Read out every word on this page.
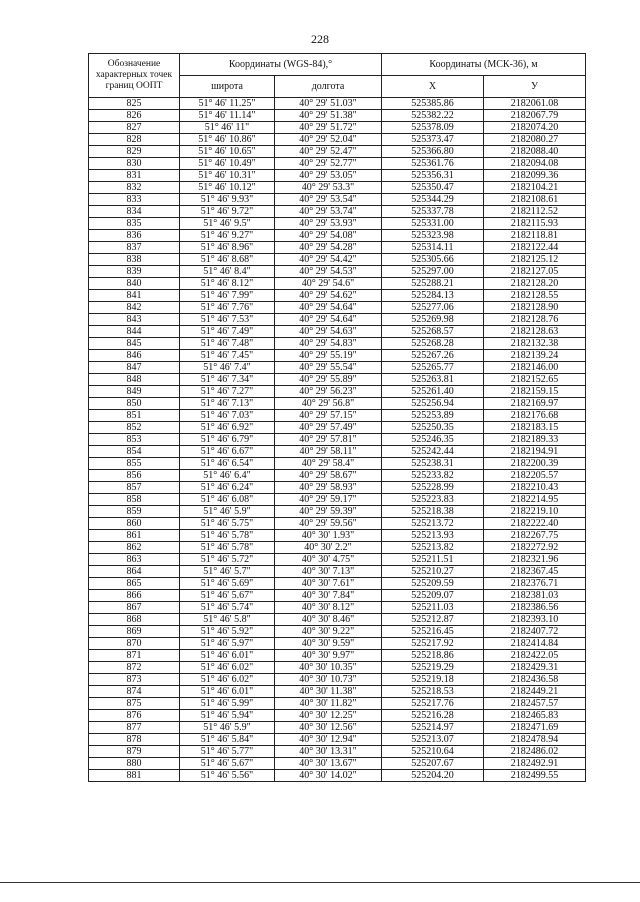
228
Обозначение характерных точек границ ООПТ	Координаты (WGS-84),°		Координаты (МСК-36), м	
	широта	долгота	X	У
825	51° 46' 11.25"	40° 29' 51.03"	525385.86	2182061.08
826	51° 46' 11.14"	40° 29' 51.38"	525382.22	2182067.79
827	51° 46' 11"	40° 29' 51.72"	525378.09	2182074.20
828	51° 46' 10.86"	40° 29' 52.04"	525373.47	2182080.27
829	51° 46' 10.65"	40° 29' 52.47"	525366.80	2182088.40
830	51° 46' 10.49"	40° 29' 52.77"	525361.76	2182094.08
831	51° 46' 10.31"	40° 29' 53.05"	525356.31	2182099.36
832	51° 46' 10.12"	40° 29' 53.3"	525350.47	2182104.21
833	51° 46' 9.93"	40° 29' 53.54"	525344.29	2182108.61
834	51° 46' 9.72"	40° 29' 53.74"	525337.78	2182112.52
835	51° 46' 9.5"	40° 29' 53.93"	525331.00	2182115.93
836	51° 46' 9.27"	40° 29' 54.08"	525323.98	2182118.81
837	51° 46' 8.96"	40° 29' 54.28"	525314.11	2182122.44
838	51° 46' 8.68"	40° 29' 54.42"	525305.66	2182125.12
839	51° 46' 8.4"	40° 29' 54.53"	525297.00	2182127.05
840	51° 46' 8.12"	40° 29' 54.6"	525288.21	2182128.20
841	51° 46' 7.99"	40° 29' 54.62"	525284.13	2182128.55
842	51° 46' 7.76"	40° 29' 54.64"	525277.06	2182128.90
843	51° 46' 7.53"	40° 29' 54.64"	525269.98	2182128.76
844	51° 46' 7.49"	40° 29' 54.63"	525268.57	2182128.63
845	51° 46' 7.48"	40° 29' 54.83"	525268.28	2182132.38
846	51° 46' 7.45"	40° 29' 55.19"	525267.26	2182139.24
847	51° 46' 7.4"	40° 29' 55.54"	525265.77	2182146.00
848	51° 46' 7.34"	40° 29' 55.89"	525263.81	2182152.65
849	51° 46' 7.27"	40° 29' 56.23"	525261.40	2182159.15
850	51° 46' 7.13"	40° 29' 56.8"	525256.94	2182169.97
851	51° 46' 7.03"	40° 29' 57.15"	525253.89	2182176.68
852	51° 46' 6.92"	40° 29' 57.49"	525250.35	2182183.15
853	51° 46' 6.79"	40° 29' 57.81"	525246.35	2182189.33
854	51° 46' 6.67"	40° 29' 58.11"	525242.44	2182194.91
855	51° 46' 6.54"	40° 29' 58.4"	525238.31	2182200.39
856	51° 46' 6.4"	40° 29' 58.67"	525233.82	2182205.57
857	51° 46' 6.24"	40° 29' 58.93"	525228.99	2182210.43
858	51° 46' 6.08"	40° 29' 59.17"	525223.83	2182214.95
859	51° 46' 5.9"	40° 29' 59.39"	525218.38	2182219.10
860	51° 46' 5.75"	40° 29' 59.56"	525213.72	2182222.40
861	51° 46' 5.78"	40° 30' 1.93"	525213.93	2182267.75
862	51° 46' 5.78"	40° 30' 2.2"	525213.82	2182272.92
863	51° 46' 5.72"	40° 30' 4.75"	525211.51	2182321.96
864	51° 46' 5.7"	40° 30' 7.13"	525210.27	2182367.45
865	51° 46' 5.69"	40° 30' 7.61"	525209.59	2182376.71
866	51° 46' 5.67"	40° 30' 7.84"	525209.07	2182381.03
867	51° 46' 5.74"	40° 30' 8.12"	525211.03	2182386.56
868	51° 46' 5.8"	40° 30' 8.46"	525212.87	2182393.10
869	51° 46' 5.92"	40° 30' 9.22"	525216.45	2182407.72
870	51° 46' 5.97"	40° 30' 9.59"	525217.92	2182414.84
871	51° 46' 6.01"	40° 30' 9.97"	525218.86	2182422.05
872	51° 46' 6.02"	40° 30' 10.35"	525219.29	2182429.31
873	51° 46' 6.02"	40° 30' 10.73"	525219.18	2182436.58
874	51° 46' 6.01"	40° 30' 11.38"	525218.53	2182449.21
875	51° 46' 5.99"	40° 30' 11.82"	525217.76	2182457.57
876	51° 46' 5.94"	40° 30' 12.25"	525216.28	2182465.83
877	51° 46' 5.9"	40° 30' 12.56"	525214.97	2182471.69
878	51° 46' 5.84"	40° 30' 12.94"	525213.07	2182478.94
879	51° 46' 5.77"	40° 30' 13.31"	525210.64	2182486.02
880	51° 46' 5.67"	40° 30' 13.67"	525207.67	2182492.91
881	51° 46' 5.56"	40° 30' 14.02"	525204.20	2182499.55
